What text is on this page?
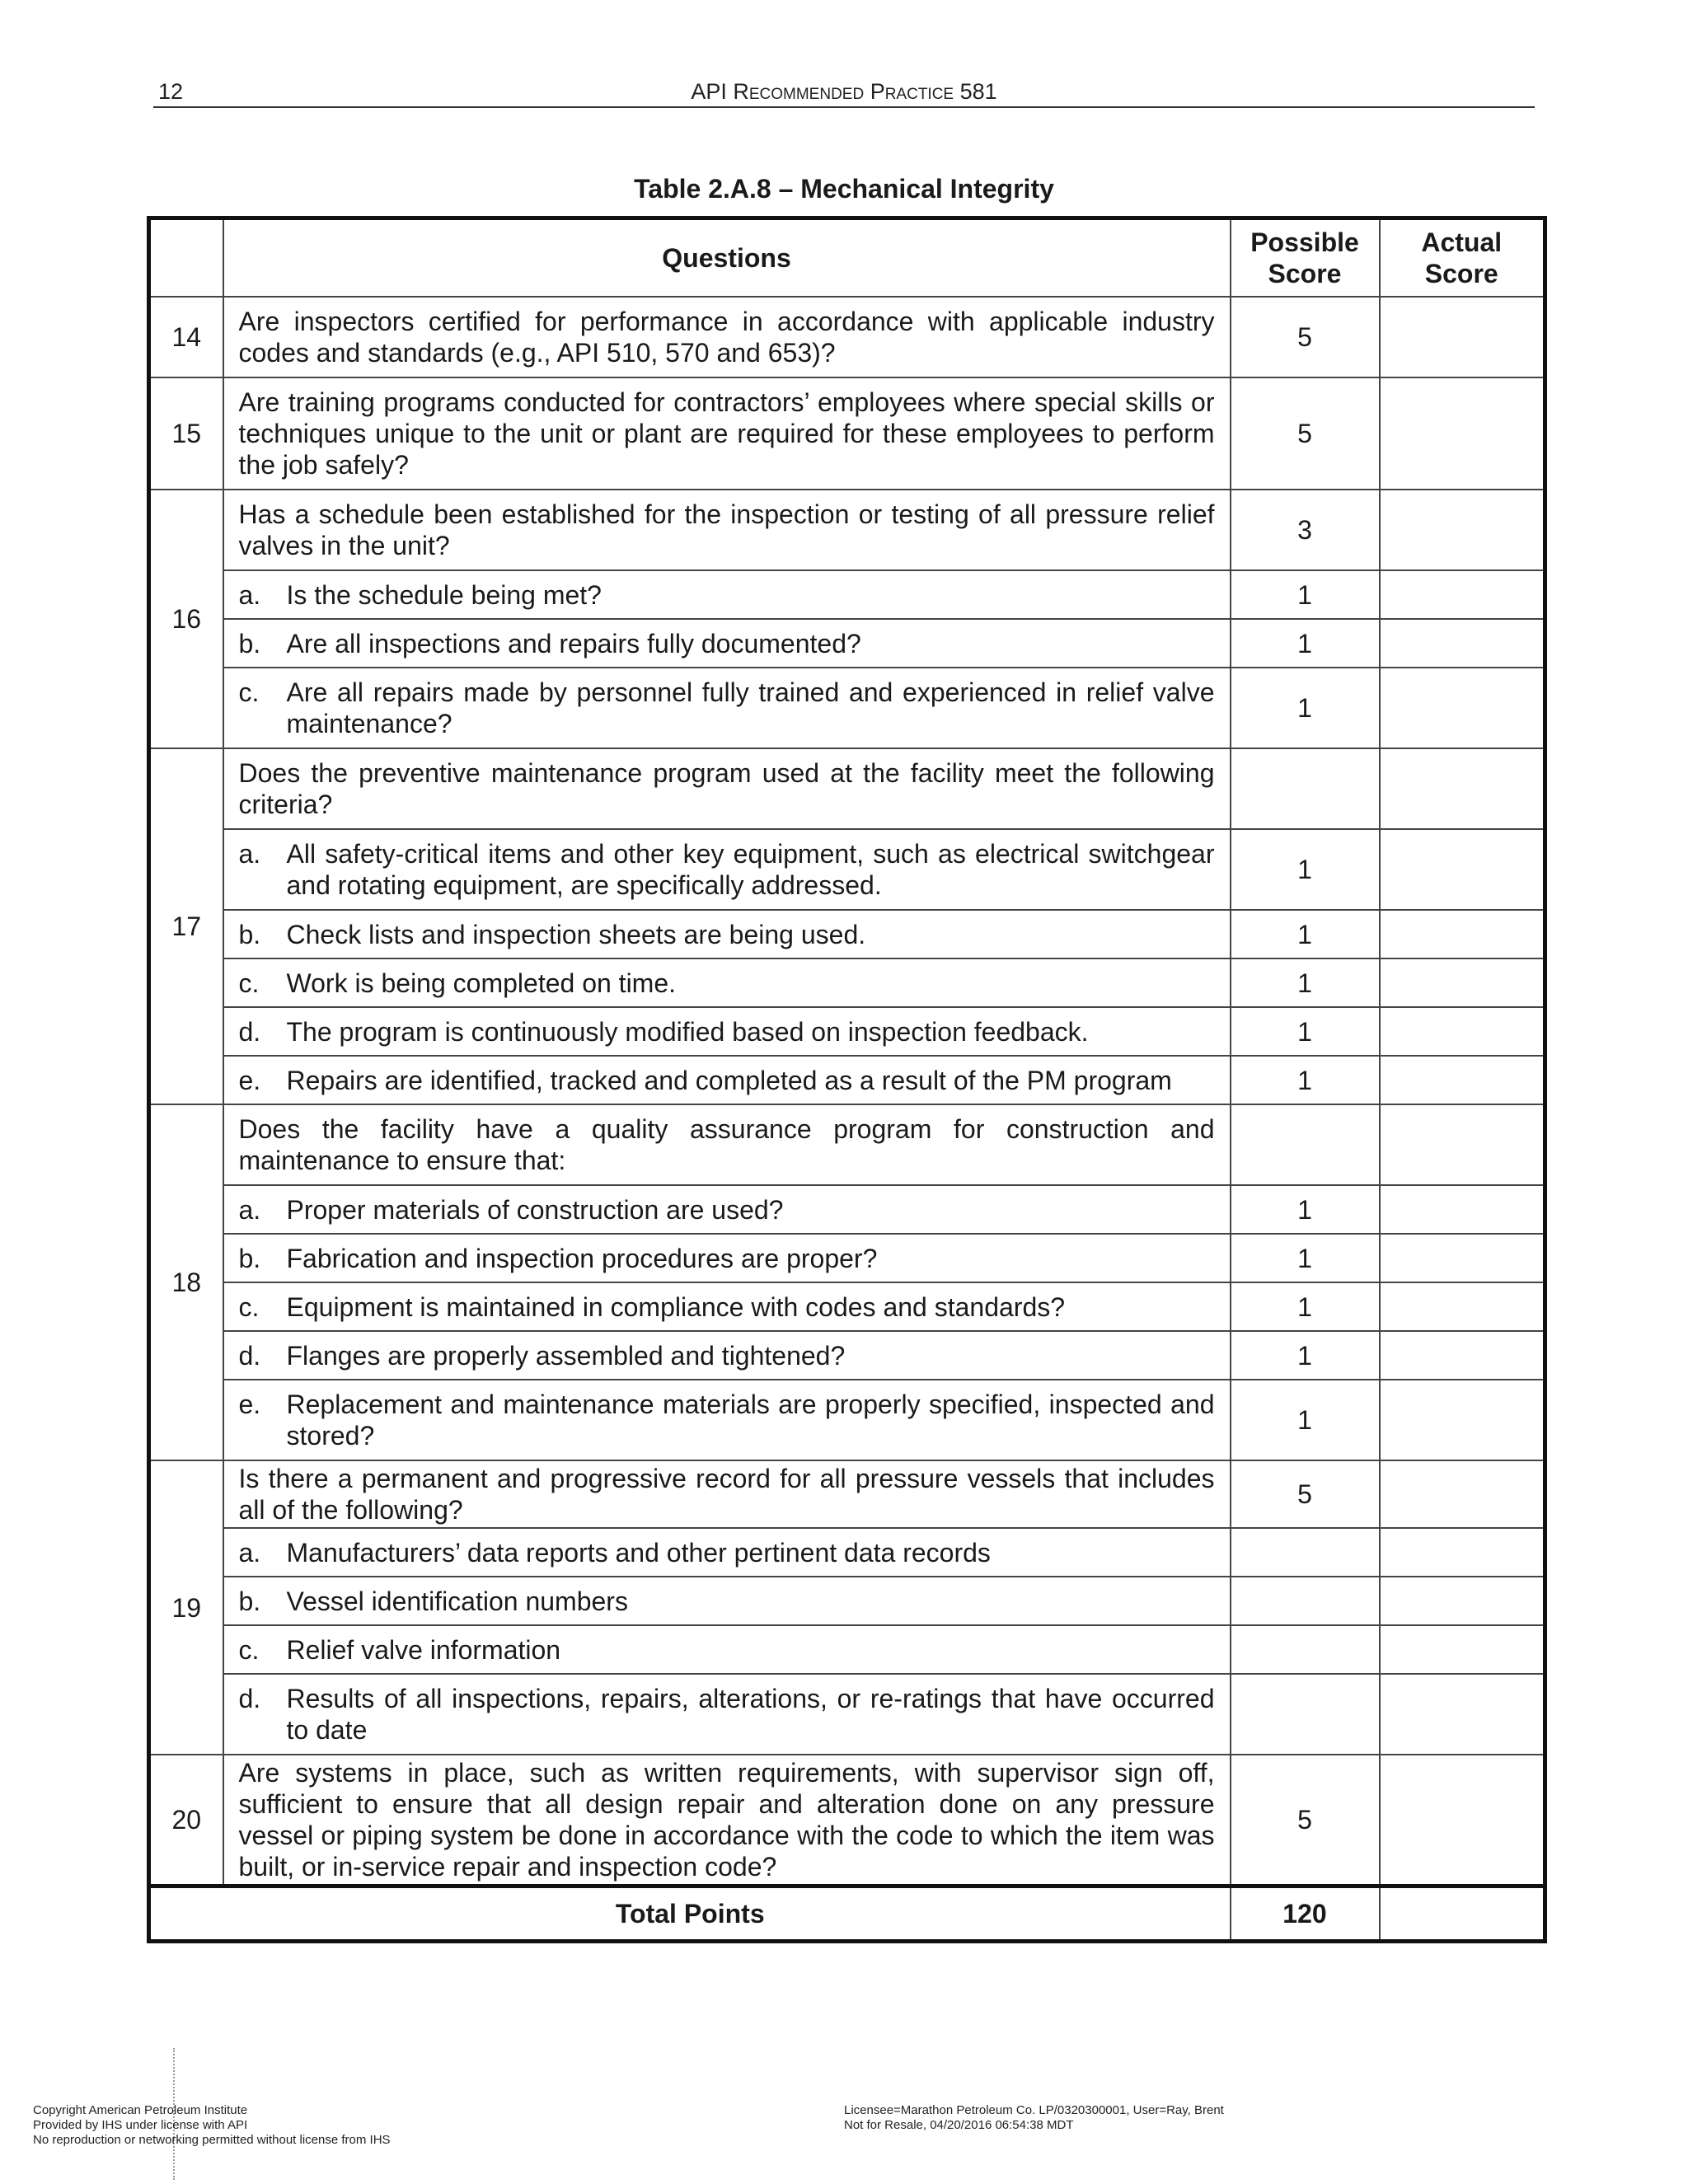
12	API Recommended Practice 581
Table 2.A.8 – Mechanical Integrity
	Questions	Possible Score	Actual Score
14	Are inspectors certified for performance in accordance with applicable industry codes and standards (e.g., API 510, 570 and 653)?	5	
15	Are training programs conducted for contractors’ employees where special skills or techniques unique to the unit or plant are required for these employees to perform the job safely?	5	
16	Has a schedule been established for the inspection or testing of all pressure relief valves in the unit?	3	
	a. Is the schedule being met?	1	
	b. Are all inspections and repairs fully documented?	1	
	c. Are all repairs made by personnel fully trained and experienced in relief valve maintenance?	1	
17	Does the preventive maintenance program used at the facility meet the following criteria?		
	a. All safety-critical items and other key equipment, such as electrical switchgear and rotating equipment, are specifically addressed.	1	
	b. Check lists and inspection sheets are being used.	1	
	c. Work is being completed on time.	1	
	d. The program is continuously modified based on inspection feedback.	1	
	e. Repairs are identified, tracked and completed as a result of the PM program	1	
18	Does the facility have a quality assurance program for construction and maintenance to ensure that:		
	a. Proper materials of construction are used?	1	
	b. Fabrication and inspection procedures are proper?	1	
	c. Equipment is maintained in compliance with codes and standards?	1	
	d. Flanges are properly assembled and tightened?	1	
	e. Replacement and maintenance materials are properly specified, inspected and stored?	1	
19	Is there a permanent and progressive record for all pressure vessels that includes all of the following?	5	
	a. Manufacturers’ data reports and other pertinent data records		
	b. Vessel identification numbers		
	c. Relief valve information		
	d. Results of all inspections, repairs, alterations, or re-ratings that have occurred to date		
20	Are systems in place, such as written requirements, with supervisor sign off, sufficient to ensure that all design repair and alteration done on any pressure vessel or piping system be done in accordance with the code to which the item was built, or in-service repair and inspection code?	5	
Total Points		120	
Copyright American Petroleum Institute
Provided by IHS under license with API
No reproduction or networking permitted without license from IHS
Licensee=Marathon Petroleum Co. LP/0320300001, User=Ray, Brent
Not for Resale, 04/20/2016 06:54:38 MDT
